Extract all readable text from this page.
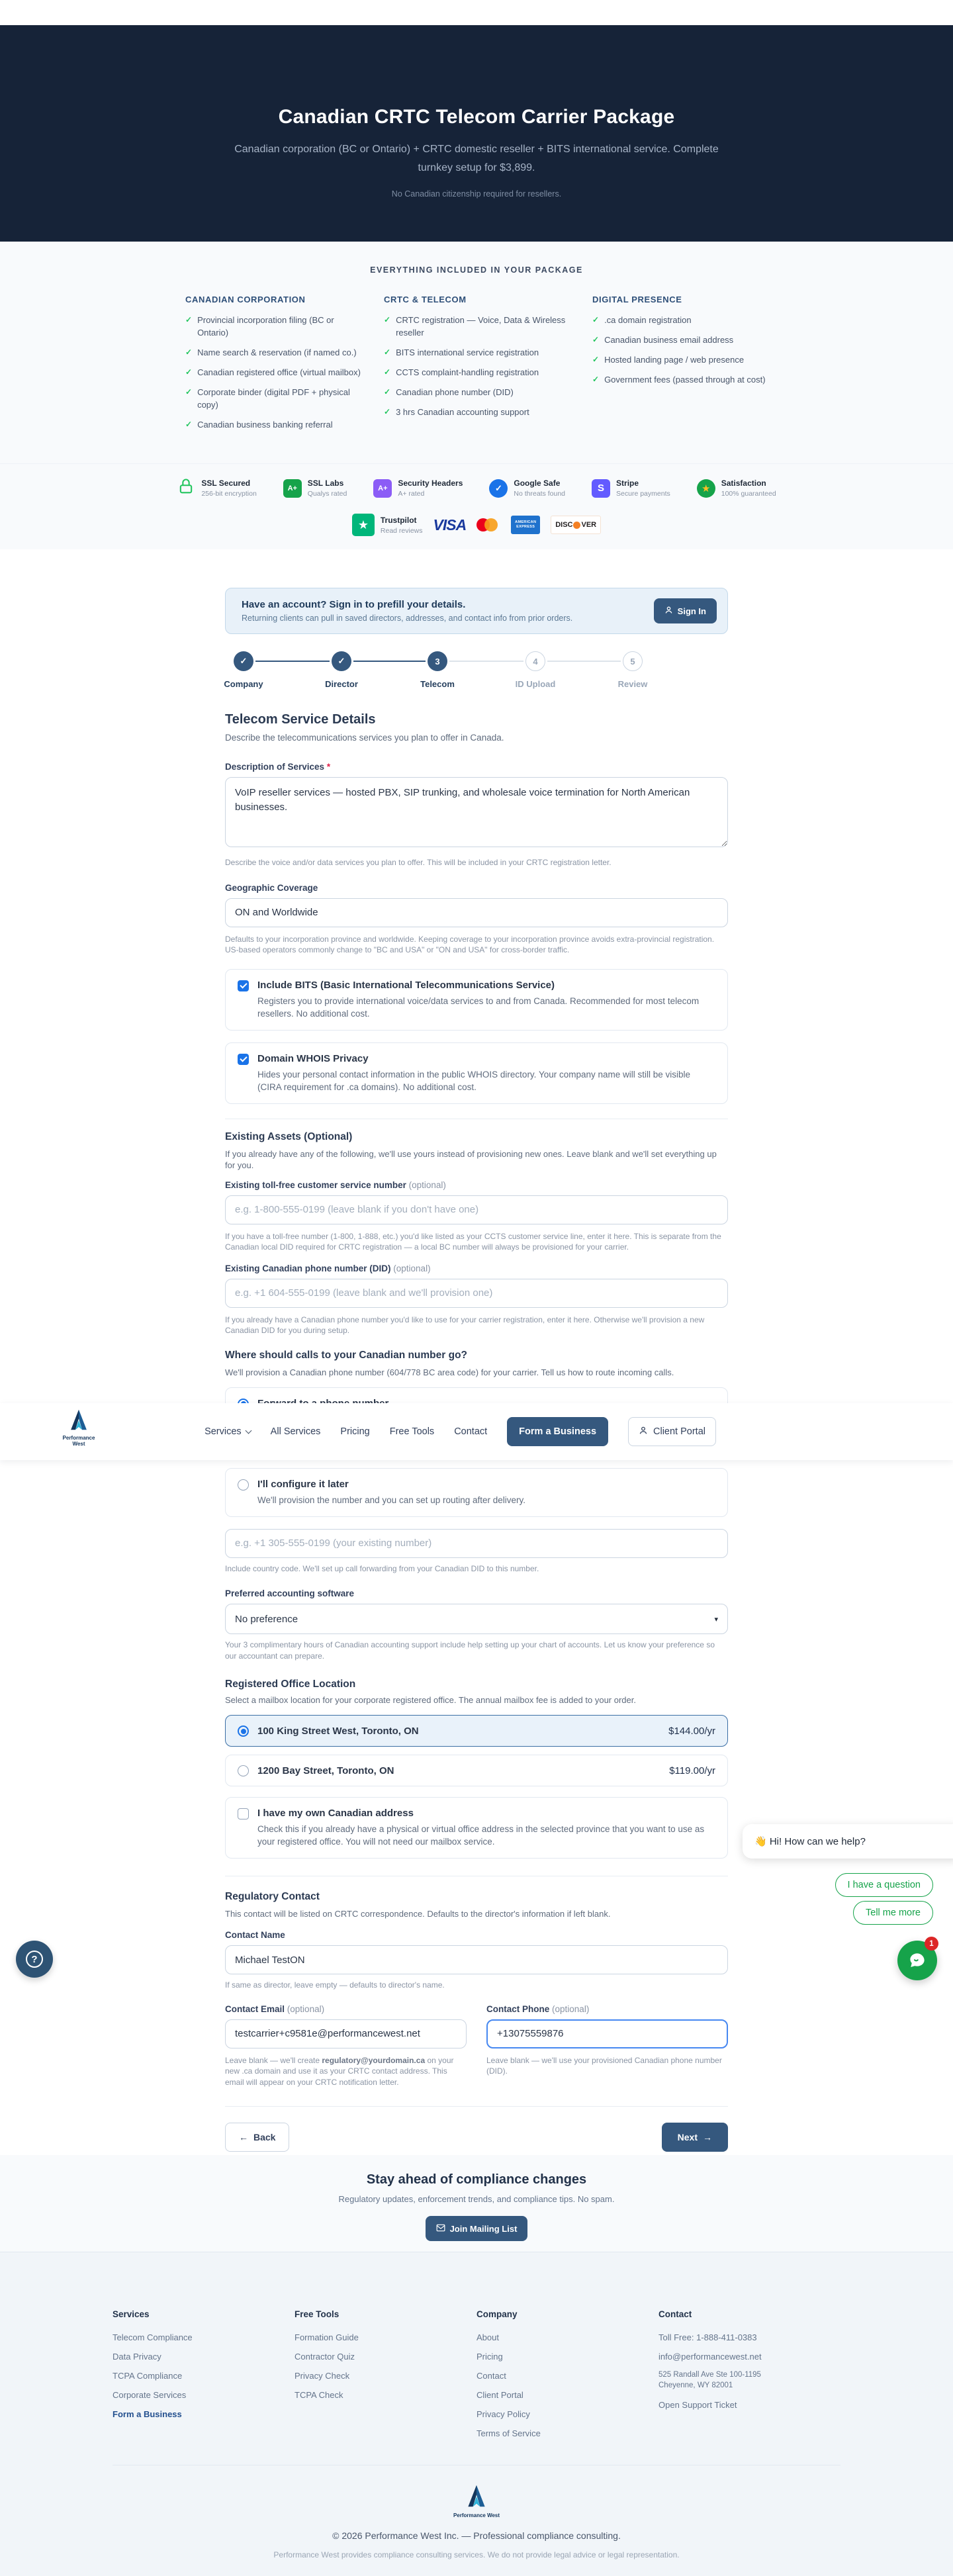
Canadian CRTC Telecom Carrier Package
Canadian corporation (BC or Ontario) + CRTC domestic reseller + BITS international service. Complete turnkey setup for $3,899.
No Canadian citizenship required for resellers.
EVERYTHING INCLUDED IN YOUR PACKAGE
CANADIAN CORPORATION
✓ Provincial incorporation filing (BC or Ontario)
✓ Name search & reservation (if named co.)
✓ Canadian registered office (virtual mailbox)
✓ Corporate binder (digital PDF + physical copy)
✓ Canadian business banking referral
CRTC & TELECOM
✓ CRTC registration — Voice, Data & Wireless reseller
✓ BITS international service registration
✓ CCTS complaint-handling registration
✓ Canadian phone number (DID)
✓ 3 hrs Canadian accounting support
DIGITAL PRESENCE
✓ .ca domain registration
✓ Canadian business email address
✓ Hosted landing page / web presence
✓ Government fees (passed through at cost)
SSL Secured
256-bit encryption
A+
SSL Labs
Qualys rated
A+
Security Headers
A+ rated
✓ Google Safe
No threats found	S	Stripe
Secure payments	★ Satisfaction
100% guaranteed
★	Trustpilot
Read reviews VISA	AMERICAN EXPRESS	DISC VER
Have an account? Sign in to prefill your details.
Returning clients can pull in saved directors, addresses, and contact info from prior orders.
Sign In
✓	✓	3	4	5
Company	Director	Telecom	ID Upload	Review
Telecom Service Details
Describe the telecommunications services you plan to offer in Canada.
Description of Services *
VoIP reseller services — hosted PBX, SIP trunking, and wholesale voice termination for North American businesses.
Describe the voice and/or data services you plan to offer. This will be included in your CRTC registration letter.
Geographic Coverage
ON and Worldwide
Defaults to your incorporation province and worldwide. Keeping coverage to your incorporation province avoids extra-provincial registration. US-based operators commonly change to "BC and USA" or "ON and USA" for cross-border traffic.
Include BITS (Basic International Telecommunications Service)
Registers you to provide international voice/data services to and from Canada. Recommended for most telecom resellers. No additional cost.
Domain WHOIS Privacy
Hides your personal contact information in the public WHOIS directory. Your company name will still be visible (CIRA requirement for .ca domains). No additional cost.
Existing Assets (Optional)
If you already have any of the following, we'll use yours instead of provisioning new ones. Leave blank and we'll set everything up for you.
Existing toll-free customer service number (optional)
e.g. 1-800-555-0199 (leave blank if you don't have one)
If you have a toll-free number (1-800, 1-888, etc.) you'd like listed as your CCTS customer service line, enter it here. This is separate from the Canadian local DID required for CRTC registration — a local BC number will always be provisioned for your carrier.
Existing Canadian phone number (DID) (optional)
e.g. +1 604-555-0199 (leave blank and we'll provision one)
If you already have a Canadian phone number you'd like to use for your carrier registration, enter it here. Otherwise we'll provision a new Canadian DID for you during setup.
Where should calls to your Canadian number go?
We'll provision a Canadian phone number (604/778 BC area code) for your carrier. Tell us how to route incoming calls.
I'll configure it later
We'll provision the number and you can set up routing after delivery.
e.g. +1 305-555-0199 (your existing number)
Include country code. We'll set up call forwarding from your Canadian DID to this number.
Preferred accounting software
No preference	▾
Your 3 complimentary hours of Canadian accounting support include help setting up your chart of accounts. Let us know your preference so our accountant can prepare.
Registered Office Location
Select a mailbox location for your corporate registered office. The annual mailbox fee is added to your order.
100 King Street West, Toronto, ON	$144.00/yr
1200 Bay Street, Toronto, ON	$119.00/yr
I have my own Canadian address
Check this if you already have a physical or virtual office address in the selected province that you want to use as your registered office. You will not need our mailbox service.
Regulatory Contact
This contact will be listed on CRTC correspondence. Defaults to the director's information if left blank.
Contact Name
Michael TestON
If same as director, leave empty — defaults to director's name.
Contact Email (optional)
testcarrier+c9581e@performancewest.net
Leave blank — we'll create regulatory@yourdomain.ca on your new .ca domain and use it as your CRTC contact address. This email will appear on your CRTC notification letter.
Contact Phone (optional)
+13075559876
Leave blank — we'll use your provisioned Canadian phone number (DID).
← Back	Next →
Performance West
Services	All Services Pricing Free Tools Contact	Form a Business	Client Portal
?
👋 Hi! How can we help?
I have a question
Tell me more
1
Stay ahead of compliance changes
Regulatory updates, enforcement trends, and compliance tips. No spam.
Join Mailing List
Services
Telecom Compliance
Data Privacy
TCPA Compliance
Corporate Services
Form a Business
Free Tools
Formation Guide
Contractor Quiz
Privacy Check
TCPA Check
Company
About
Pricing
Contact
Client Portal
Privacy Policy
Terms of Service
Contact
Toll Free: 1-888-411-0383
info@performancewest.net
525 Randall Ave Ste 100-1195
Cheyenne, WY 82001
Open Support Ticket
Performance West
© 2026 Performance West Inc. — Professional compliance consulting.
Performance West provides compliance consulting services. We do not provide legal advice or legal representation.
